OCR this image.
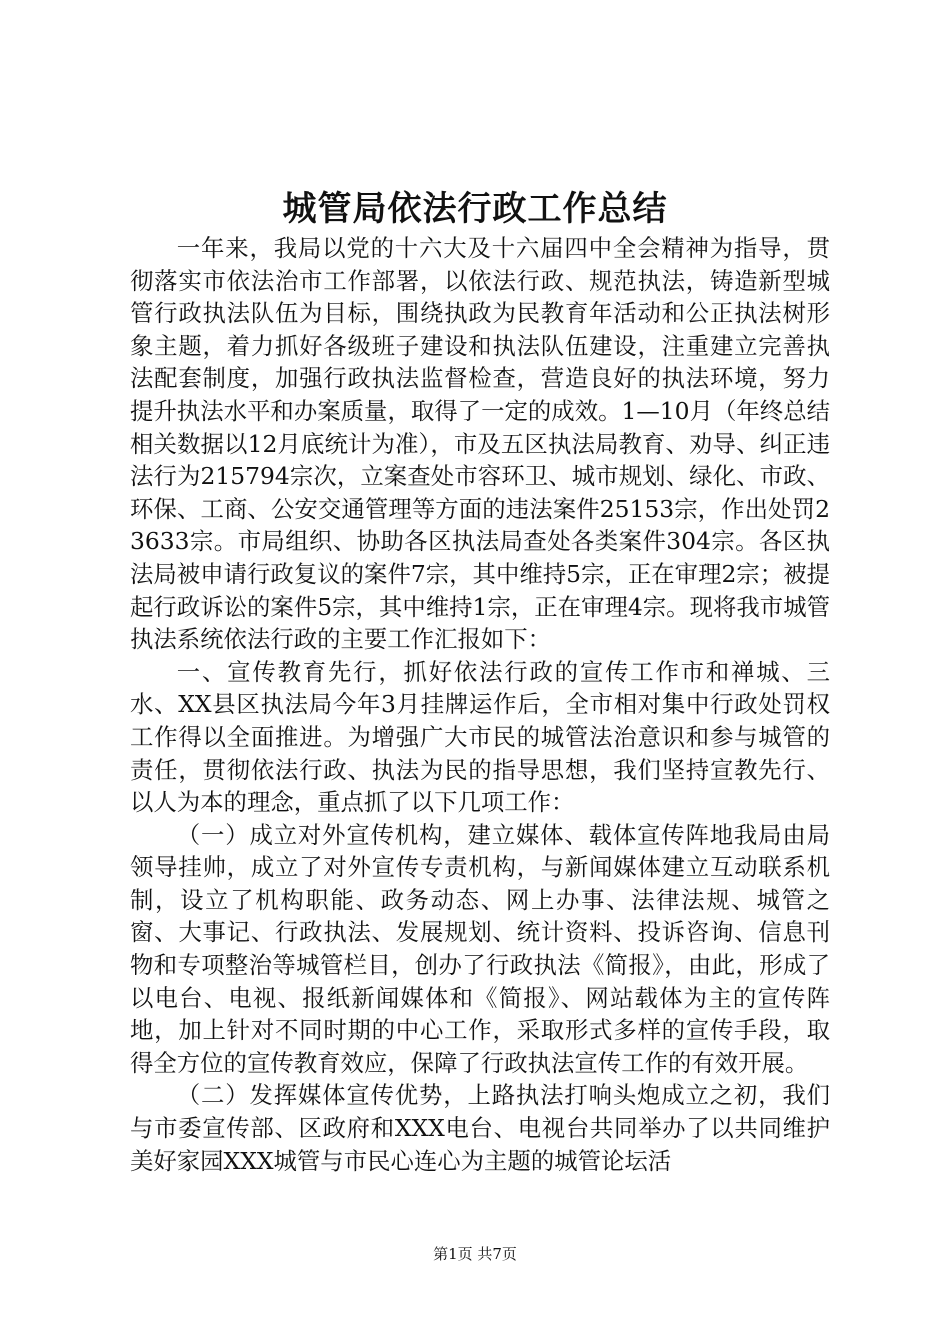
城管局依法行政工作总结

一年来，我局以党的十六大及十六届四中全会精神为指导，贯彻落实市依法治市工作部署，以依法行政、规范执法，铸造新型城管行政执法队伍为目标，围绕执政为民教育年活动和公正执法树形象主题，着力抓好各级班子建设和执法队伍建设，注重建立完善执法配套制度，加强行政执法监督检查，营造良好的执法环境，努力提升执法水平和办案质量，取得了一定的成效。1—10月（年终总结相关数据以12月底统计为准），市及五区执法局教育、劝导、纠正违法行为215794宗次，立案查处市容环卫、城市规划、绿化、市政、环保、工商、公安交通管理等方面的违法案件25153宗，作出处罚23633宗。市局组织、协助各区执法局查处各类案件304宗。各区执法局被申请行政复议的案件7宗，其中维持5宗，正在审理2宗；被提起行政诉讼的案件5宗，其中维持1宗，正在审理4宗。现将我市城管执法系统依法行政的主要工作汇报如下：

一、宣传教育先行，抓好依法行政的宣传工作市和禅城、三水、XX县区执法局今年3月挂牌运作后，全市相对集中行政处罚权工作得以全面推进。为增强广大市民的城管法治意识和参与城管的责任，贯彻依法行政、执法为民的指导思想，我们坚持宣教先行、以人为本的理念，重点抓了以下几项工作：

（一）成立对外宣传机构，建立媒体、载体宣传阵地我局由局领导挂帅，成立了对外宣传专责机构，与新闻媒体建立互动联系机制，设立了机构职能、政务动态、网上办事、法律法规、城管之窗、大事记、行政执法、发展规划、统计资料、投诉咨询、信息刊物和专项整治等城管栏目，创办了行政执法《简报》，由此，形成了以电台、电视、报纸新闻媒体和《简报》、网站载体为主的宣传阵地，加上针对不同时期的中心工作，采取形式多样的宣传手段，取得全方位的宣传教育效应，保障了行政执法宣传工作的有效开展。

（二）发挥媒体宣传优势，上路执法打响头炮成立之初，我们与市委宣传部、区政府和XXX电台、电视台共同举办了以共同维护美好家园XXX城管与市民心连心为主题的城管论坛活

第1页 共7页
